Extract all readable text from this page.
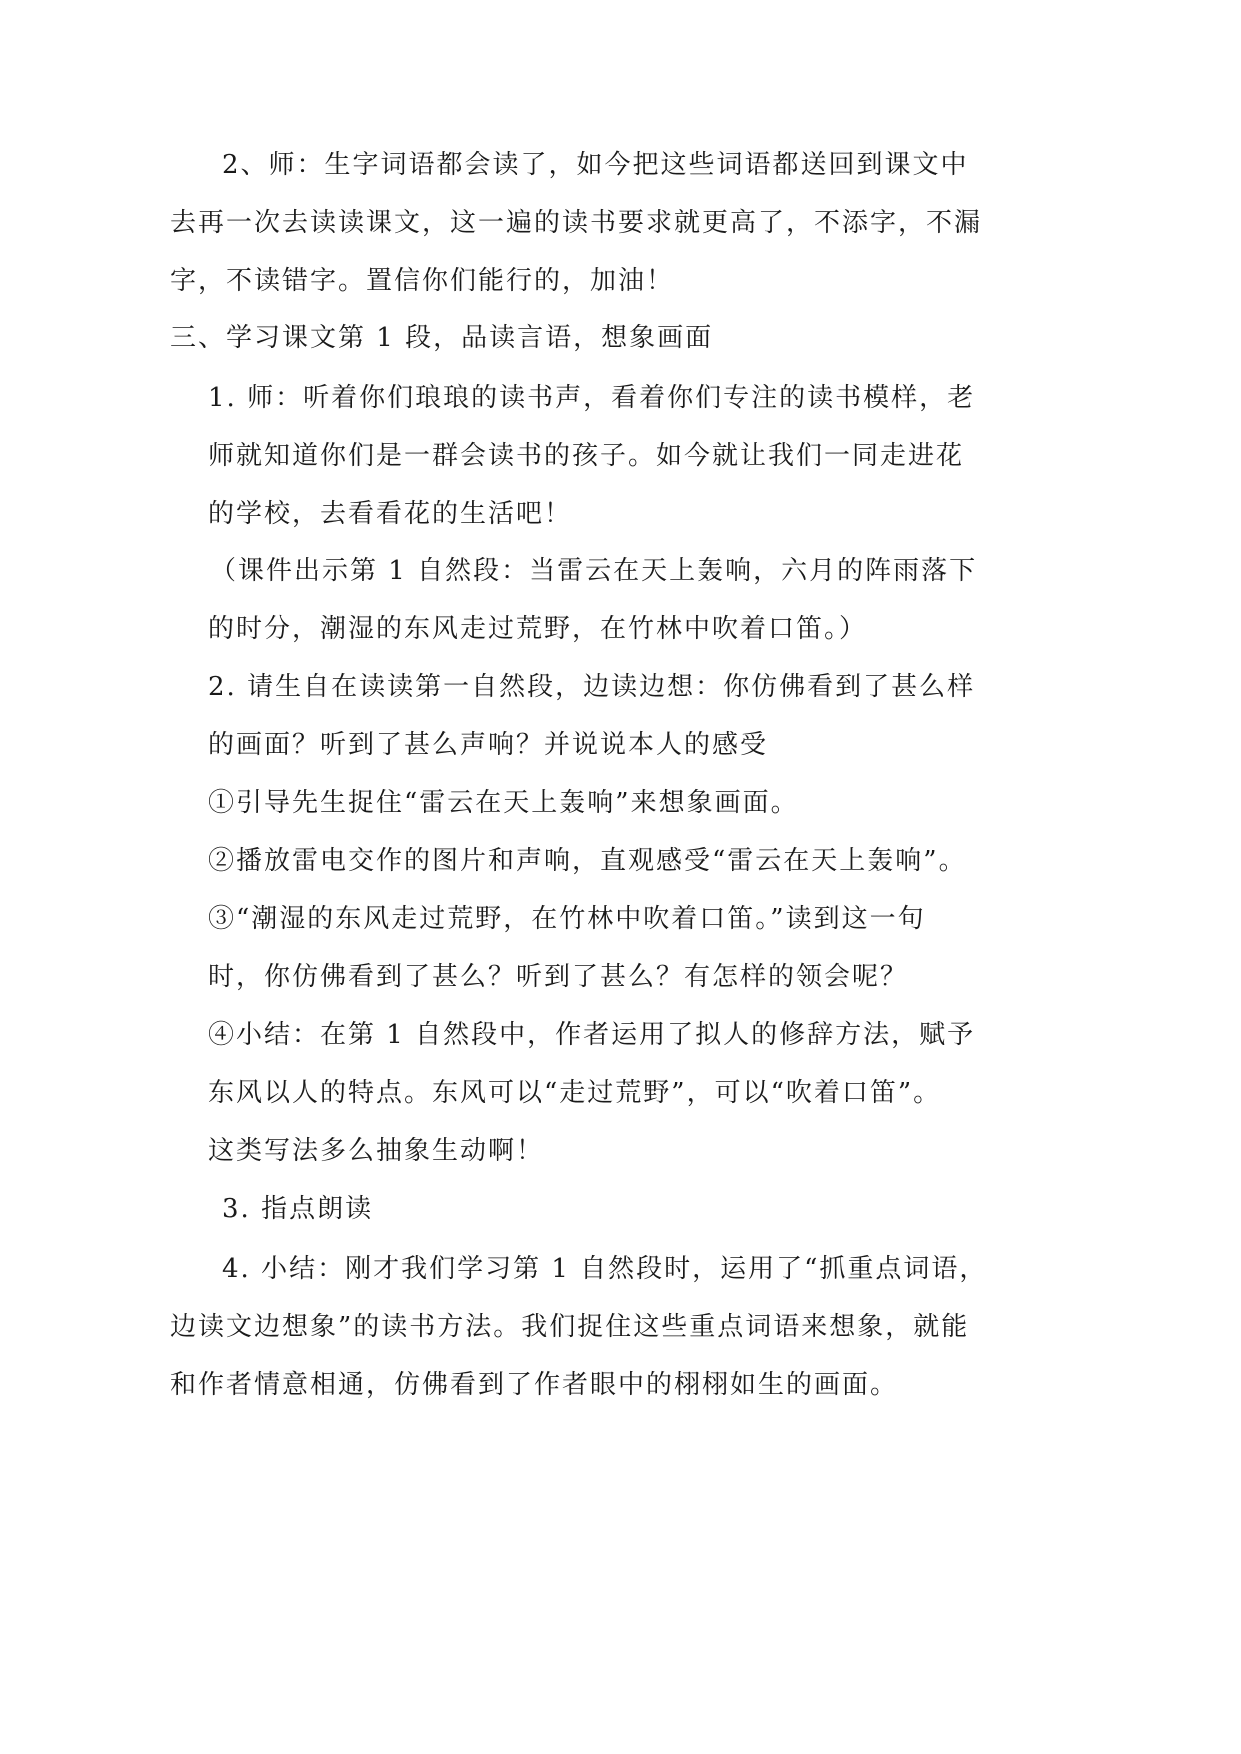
2、师：生字词语都会读了，如今把这些词语都送回到课文中
去再一次去读读课文，这一遍的读书要求就更高了，不添字，不漏
字，不读错字。置信你们能行的，加油！
三、学习课文第 1 段，品读言语，想象画面
1. 师：听着你们琅琅的读书声，看着你们专注的读书模样，老
师就知道你们是一群会读书的孩子。如今就让我们一同走进花
的学校，去看看花的生活吧！
（课件出示第 1 自然段：当雷云在天上轰响，六月的阵雨落下
的时分，潮湿的东风走过荒野，在竹林中吹着口笛。）
2. 请生自在读读第一自然段，边读边想：你仿佛看到了甚么样
的画面？听到了甚么声响？并说说本人的感受
①引导先生捉住“雷云在天上轰响”来想象画面。
②播放雷电交作的图片和声响，直观感受“雷云在天上轰响”。
③“潮湿的东风走过荒野，在竹林中吹着口笛。”读到这一句
时，你仿佛看到了甚么？听到了甚么？有怎样的领会呢？
④小结：在第 1 自然段中，作者运用了拟人的修辞方法，赋予
东风以人的特点。东风可以“走过荒野”，可以“吹着口笛”。
这类写法多么抽象生动啊！
3. 指点朗读
4. 小结：刚才我们学习第 1 自然段时，运用了“抓重点词语，
边读文边想象”的读书方法。我们捉住这些重点词语来想象，就能
和作者情意相通，仿佛看到了作者眼中的栩栩如生的画面。
